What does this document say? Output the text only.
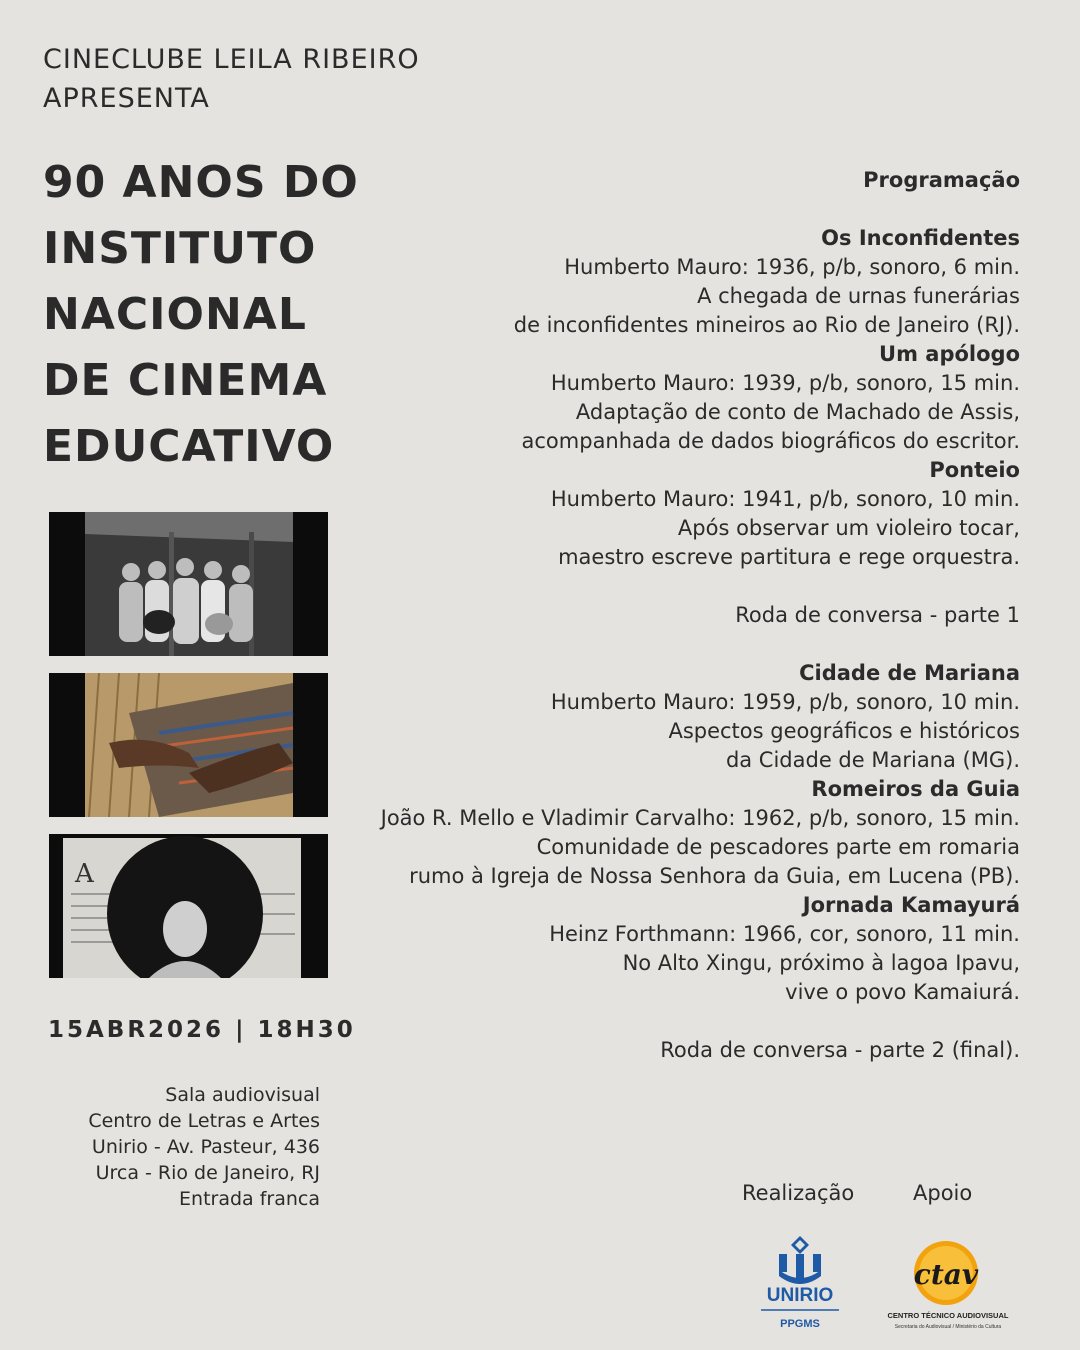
CINECLUBE LEILA RIBEIRO
APRESENTA
90 ANOS DO
INSTITUTO
NACIONAL
DE CINEMA
EDUCATIVO
A
15ABR2026 | 18H30
Sala audiovisual
Centro de Letras e Artes
Unirio - Av. Pasteur, 436
Urca - Rio de Janeiro, RJ
Entrada franca
Programação
Os Inconfidentes
Humberto Mauro: 1936, p/b, sonoro, 6 min.
A chegada de urnas funerárias
de inconfidentes mineiros ao Rio de Janeiro (RJ).
Um apólogo
Humberto Mauro: 1939, p/b, sonoro, 15 min.
Adaptação de conto de Machado de Assis,
acompanhada de dados biográficos do escritor.
Ponteio
Humberto Mauro: 1941, p/b, sonoro, 10 min.
Após observar um violeiro tocar,
maestro escreve partitura e rege orquestra.
Roda de conversa - parte 1
Cidade de Mariana
Humberto Mauro: 1959, p/b, sonoro, 10 min.
Aspectos geográficos e históricos
da Cidade de Mariana (MG).
Romeiros da Guia
João R. Mello e Vladimir Carvalho: 1962, p/b, sonoro, 15 min.
Comunidade de pescadores parte em romaria
rumo à Igreja de Nossa Senhora da Guia, em Lucena (PB).
Jornada Kamayurá
Heinz Forthmann: 1966, cor, sonoro, 11 min.
No Alto Xingu, próximo à lagoa Ipavu,
vive o povo Kamaiurá.
Roda de conversa - parte 2 (final).
Realização	Apoio
UNIRIO
PPGMS
ctav
CENTRO TÉCNICO AUDIOVISUAL
Secretaria do Audiovisual / Ministério da Cultura
